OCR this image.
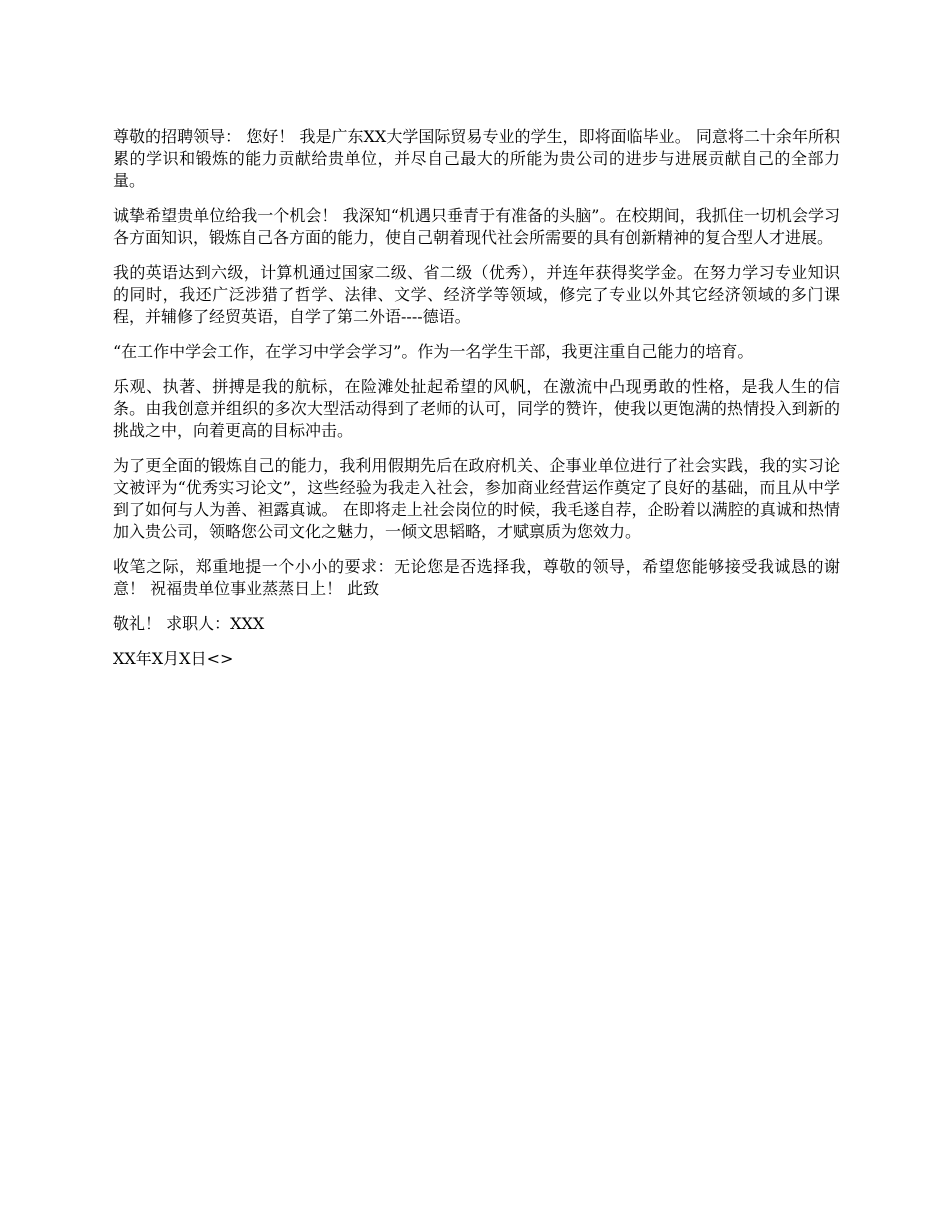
尊敬的招聘领导： 您好！ 我是广东XX大学国际贸易专业的学生，即将面临毕业。 同意将二十余年所积累的学识和锻炼的能力贡献给贵单位，并尽自己最大的所能为贵公司的进步与进展贡献自己的全部力量。

诚挚希望贵单位给我一个机会！ 我深知“机遇只垂青于有准备的头脑”。在校期间，我抓住一切机会学习各方面知识，锻炼自己各方面的能力，使自己朝着现代社会所需要的具有创新精神的复合型人才进展。

我的英语达到六级，计算机通过国家二级、省二级（优秀），并连年获得奖学金。在努力学习专业知识的同时，我还广泛涉猎了哲学、法律、文学、经济学等领域，修完了专业以外其它经济领域的多门课程，并辅修了经贸英语，自学了第二外语----德语。

“在工作中学会工作，在学习中学会学习”。作为一名学生干部，我更注重自己能力的培育。

乐观、执著、拼搏是我的航标，在险滩处扯起希望的风帆，在激流中凸现勇敢的性格，是我人生的信条。由我创意并组织的多次大型活动得到了老师的认可，同学的赞许，使我以更饱满的热情投入到新的挑战之中，向着更高的目标冲击。

为了更全面的锻炼自己的能力，我利用假期先后在政府机关、企事业单位进行了社会实践，我的实习论文被评为“优秀实习论文”，这些经验为我走入社会，参加商业经营运作奠定了良好的基础，而且从中学到了如何与人为善、袒露真诚。 在即将走上社会岗位的时候，我毛遂自荐，企盼着以满腔的真诚和热情加入贵公司，领略您公司文化之魅力，一倾文思韬略，才赋禀质为您效力。

收笔之际，郑重地提一个小小的要求：无论您是否选择我，尊敬的领导，希望您能够接受我诚恳的谢意！ 祝福贵单位事业蒸蒸日上！ 此致

敬礼！ 求职人：XXX

XX年X月X日<>
